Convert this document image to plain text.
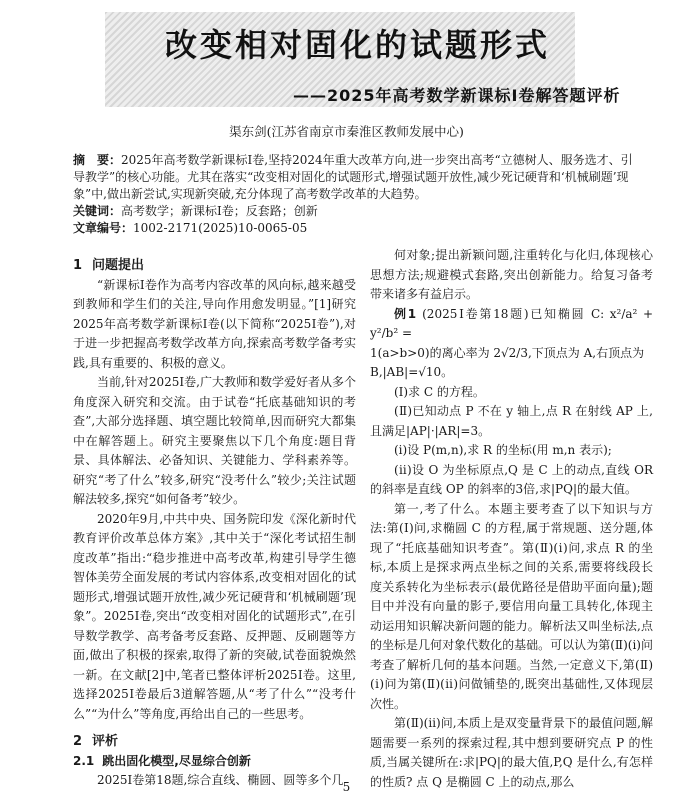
改变相对固化的试题形式
——2025年高考数学新课标Ⅰ卷解答题评析
渠东剑(江苏省南京市秦淮区教师发展中心)

摘　要：2025年高考数学新课标Ⅰ卷,坚持2024年重大改革方向,进一步突出高考“立德树人、服务选才、引导教学”的核心功能。尤其在落实“改变相对固化的试题形式,增强试题开放性,减少死记硬背和‘机械刷题’现象”中,做出新尝试,实现新突破,充分体现了高考数学改革的大趋势。

关键词：高考数学；新课标Ⅰ卷；反套路；创新

文章编号：1002-2171(2025)10-0065-05

1 问题提出

“新课标Ⅰ卷作为高考内容改革的风向标,越来越受到教师和学生们的关注,导向作用愈发明显。”[1]研究2025年高考数学新课标Ⅰ卷(以下简称“2025Ⅰ卷”),对于进一步把握高考数学改革方向,探索高考数学备考实践,具有重要的、积极的意义。

当前,针对2025Ⅰ卷,广大教师和数学爱好者从多个角度深入研究和交流。由于试卷“托底基础知识的考查”,大部分选择题、填空题比较简单,因而研究大都集中在解答题上。研究主要聚焦以下几个角度:题目背景、具体解法、必备知识、关键能力、学科素养等。研究“考了什么”较多,研究“没考什么”较少;关注试题解法较多,探究“如何备考”较少。

2020年9月,中共中央、国务院印发《深化新时代教育评价改革总体方案》,其中关于“深化考试招生制度改革”指出:“稳步推进中高考改革,构建引导学生德智体美劳全面发展的考试内容体系,改变相对固化的试题形式,增强试题开放性,减少死记硬背和‘机械刷题’现象”。2025Ⅰ卷,突出“改变相对固化的试题形式”,在引导数学教学、高考备考反套路、反押题、反刷题等方面,做出了积极的探索,取得了新的突破,试卷面貌焕然一新。在文献[2]中,笔者已整体评析2025Ⅰ卷。这里,选择2025Ⅰ卷最后3道解答题,从“考了什么”“没考什么”“为什么”等角度,再给出自己的一些思考。

2 评析

2.1 跳出固化模型,尽显综合创新

2025Ⅰ卷第18题,综合直线、椭圆、圆等多个几

何对象;提出新颖问题,注重转化与化归,体现核心思想方法;规避模式套路,突出创新能力。给复习备考带来诸多有益启示。

例1 (2025Ⅰ卷第18题)已知椭圆 C: x²/a² + y²/b² =

1(a>b>0)的离心率为 2√2/3,下顶点为 A,右顶点为

B,|AB|=√10。

(Ⅰ)求 C 的方程。

(Ⅱ)已知动点 P 不在 y 轴上,点 R 在射线 AP 上,且满足|AP|·|AR|=3。

(ⅰ)设 P(m,n),求 R 的坐标(用 m,n 表示);

(ⅱ)设 O 为坐标原点,Q 是 C 上的动点,直线 OR 的斜率是直线 OP 的斜率的3倍,求|PQ|的最大值。

第一,考了什么。本题主要考查了以下知识与方法:第(Ⅰ)问,求椭圆 C 的方程,属于常规题、送分题,体现了“托底基础知识考查”。第(Ⅱ)(ⅰ)问,求点 R 的坐标,本质上是探求两点坐标之间的关系,需要将线段长度关系转化为坐标表示(最优路径是借助平面向量);题目中并没有向量的影子,要信用向量工具转化,体现主动运用知识解决新问题的能力。解析法又叫坐标法,点的坐标是几何对象代数化的基础。可以认为第(Ⅱ)(ⅰ)问考查了解析几何的基本问题。当然,一定意义下,第(Ⅱ)(ⅰ)问为第(Ⅱ)(ⅱ)问做铺垫的,既突出基础性,又体现层次性。

第(Ⅱ)(ⅱ)问,本质上是双变量背景下的最值问题,解题需要一系列的探索过程,其中想到要研究点 P 的性质,当属关键所在:求|PQ|的最大值,P,Q 是什么,有怎样的性质? 点 Q 是椭圆 C 上的动点,那么

5
